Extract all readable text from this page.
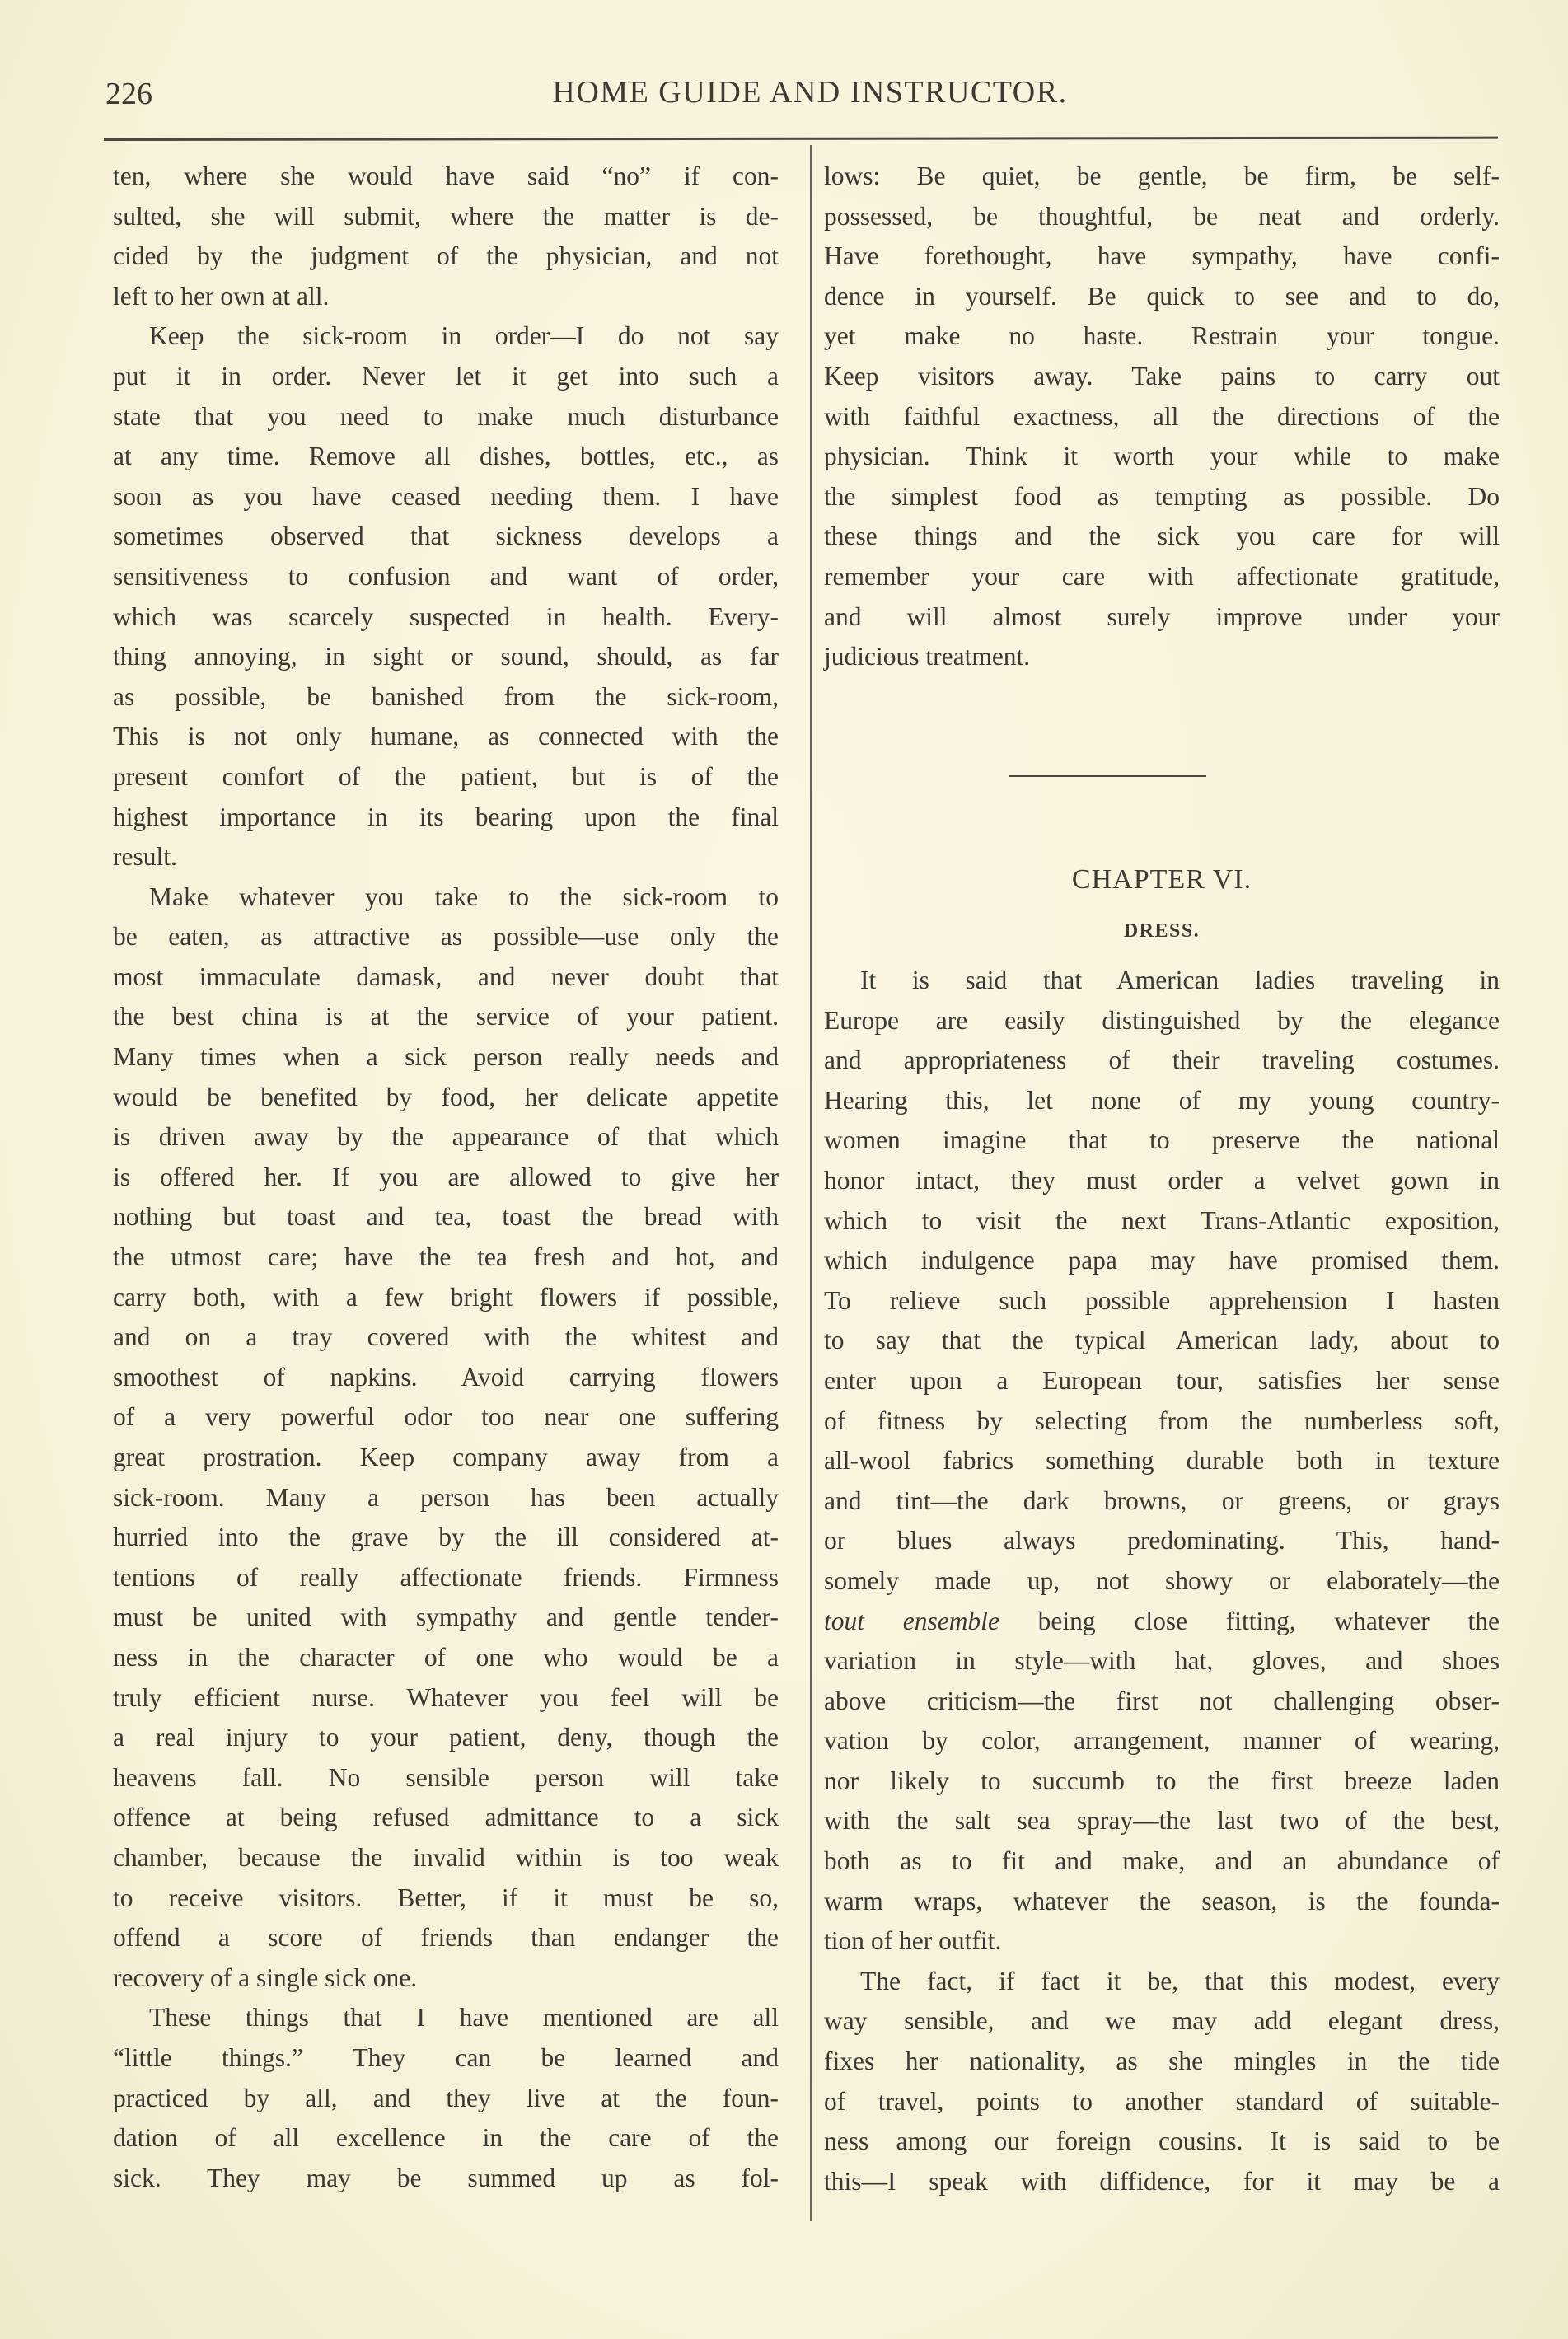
226	HOME GUIDE AND INSTRUCTOR.
ten, where she would have said “no” if con-
sulted, she will submit, where the matter is de-
cided by the judgment of the physician, and not
left to her own at all.
Keep the sick-room in order—I do not say
put it in order. Never let it get into such a
state that you need to make much disturbance
at any time. Remove all dishes, bottles, etc., as
soon as you have ceased needing them. I have
sometimes observed that sickness develops a
sensitiveness to confusion and want of order,
which was scarcely suspected in health. Every-
thing annoying, in sight or sound, should, as far
as possible, be banished from the sick-room,
This is not only humane, as connected with the
present comfort of the patient, but is of the
highest importance in its bearing upon the final
result.
Make whatever you take to the sick-room to
be eaten, as attractive as possible—use only the
most immaculate damask, and never doubt that
the best china is at the service of your patient.
Many times when a sick person really needs and
would be benefited by food, her delicate appetite
is driven away by the appearance of that which
is offered her. If you are allowed to give her
nothing but toast and tea, toast the bread with
the utmost care; have the tea fresh and hot, and
carry both, with a few bright flowers if possible,
and on a tray covered with the whitest and
smoothest of napkins. Avoid carrying flowers
of a very powerful odor too near one suffering
great prostration. Keep company away from a
sick-room. Many a person has been actually
hurried into the grave by the ill considered at-
tentions of really affectionate friends. Firmness
must be united with sympathy and gentle tender-
ness in the character of one who would be a
truly efficient nurse. Whatever you feel will be
a real injury to your patient, deny, though the
heavens fall. No sensible person will take
offence at being refused admittance to a sick
chamber, because the invalid within is too weak
to receive visitors. Better, if it must be so,
offend a score of friends than endanger the
recovery of a single sick one.
These things that I have mentioned are all
“little things.” They can be learned and
practiced by all, and they live at the foun-
dation of all excellence in the care of the
sick. They may be summed up as fol-
lows: Be quiet, be gentle, be firm, be self-
possessed, be thoughtful, be neat and orderly.
Have forethought, have sympathy, have confi-
dence in yourself. Be quick to see and to do,
yet make no haste. Restrain your tongue.
Keep visitors away. Take pains to carry out
with faithful exactness, all the directions of the
physician. Think it worth your while to make
the simplest food as tempting as possible. Do
these things and the sick you care for will
remember your care with affectionate gratitude,
and will almost surely improve under your
judicious treatment.
CHAPTER VI.
DRESS.
It is said that American ladies traveling in
Europe are easily distinguished by the elegance
and appropriateness of their traveling costumes.
Hearing this, let none of my young country-
women imagine that to preserve the national
honor intact, they must order a velvet gown in
which to visit the next Trans-Atlantic exposition,
which indulgence papa may have promised them.
To relieve such possible apprehension I hasten
to say that the typical American lady, about to
enter upon a European tour, satisfies her sense
of fitness by selecting from the numberless soft,
all-wool fabrics something durable both in texture
and tint—the dark browns, or greens, or grays
or blues always predominating. This, hand-
somely made up, not showy or elaborately—the
tout ensemble being close fitting, whatever the
variation in style—with hat, gloves, and shoes
above criticism—the first not challenging obser-
vation by color, arrangement, manner of wearing,
nor likely to succumb to the first breeze laden
with the salt sea spray—the last two of the best,
both as to fit and make, and an abundance of
warm wraps, whatever the season, is the founda-
tion of her outfit.
The fact, if fact it be, that this modest, every
way sensible, and we may add elegant dress,
fixes her nationality, as she mingles in the tide
of travel, points to another standard of suitable-
ness among our foreign cousins. It is said to be
this—I speak with diffidence, for it may be a
